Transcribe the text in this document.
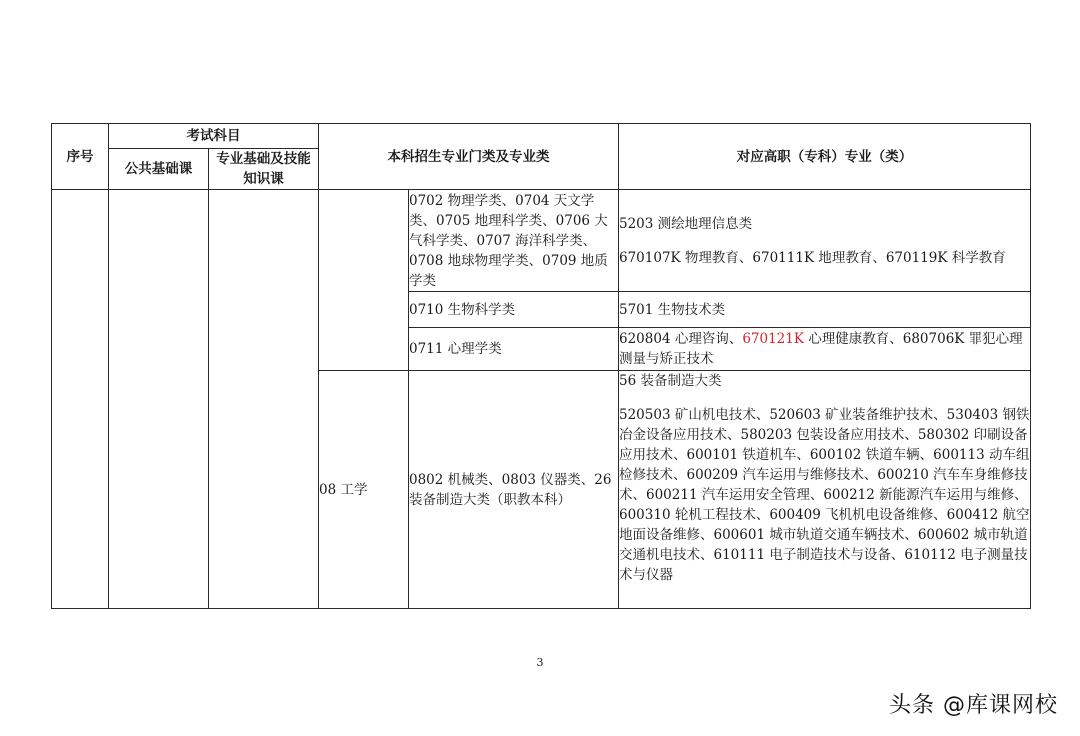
序号	考试科目		本科招生专业门类及专业类		对应高职（专科）专业（类）
	公共基础课	专业基础及技能知识课			
				0702 物理学类、0704 天文学类、0705 地理科学类、0706 大气科学类、0707 海洋科学类、0708 地球物理学类、0709 地质学类	5203 测绘地理信息类
670107K 物理教育、670111K 地理教育、670119K 科学教育

				0710 生物科学类	5701 生物技术类
				0711 心理学类	620804 心理咨询、670121K 心理健康教育、680706K 罪犯心理测量与矫正技术
			08 工学	0802 机械类、0803 仪器类、26 装备制造大类（职教本科）	56 装备制造大类
520503 矿山机电技术、520603 矿业装备维护技术、530403 钢铁冶金设备应用技术、580203 包装设备应用技术、580302 印刷设备应用技术、600101 铁道机车、600102 铁道车辆、600113 动车组检修技术、600209 汽车运用与维修技术、600210 汽车车身维修技术、600211 汽车运用安全管理、600212 新能源汽车运用与维修、600310 轮机工程技术、600409 飞机机电设备维修、600412 航空地面设备维修、600601 城市轨道交通车辆技术、600602 城市轨道交通机电技术、610111 电子制造技术与设备、610112 电子测量技术与仪器
3
头条 @库课网校
